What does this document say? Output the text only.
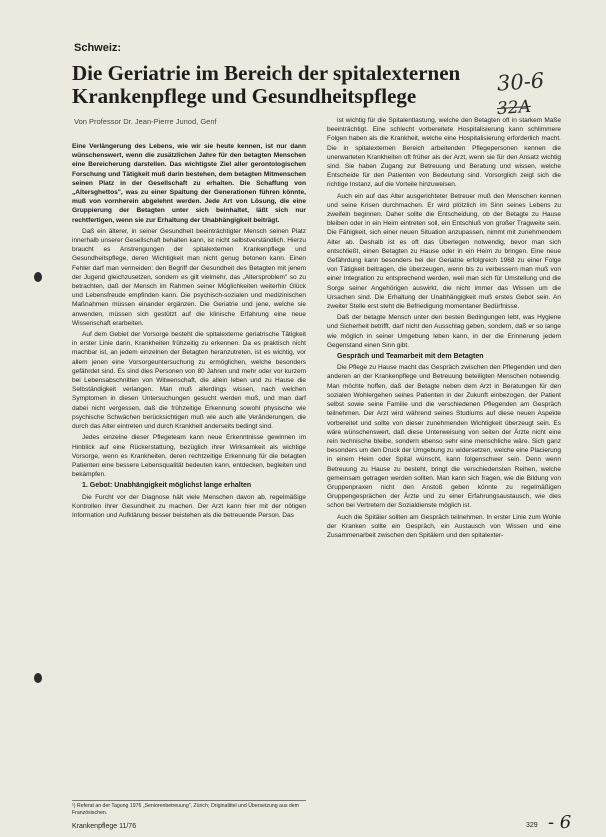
Schweiz:
Die Geriatrie im Bereich der spitalexternen
Krankenpflege und Gesundheitspflege
Von Professor Dr. Jean-Pierre Junod, Genf
30-6
32A

Eine Verlängerung des Lebens, wie wir sie heute kennen, ist nur dann wünschenswert, wenn die zusätzlichen Jahre für den betagten Menschen eine Bereicherung darstellen. Das wichtigste Ziel aller gerontologischen Forschung und Tätigkeit muß darin bestehen, dem betagten Mitmenschen seinen Platz in der Gesellschaft zu erhalten. Die Schaffung von „Altersghettos", was zu einer Spaltung der Generationen führen könnte, muß von vornherein abgelehnt werden. Jede Art von Lösung, die eine Gruppierung der Betagten unter sich beinhaltet, läßt sich nur rechtfertigen, wenn sie zur Erhaltung der Unabhängigkeit beiträgt.

Daß ein älterer, in seiner Gesundheit beeinträchtigter Mensch seinen Platz innerhalb unserer Gesellschaft behalten kann, ist nicht selbstverständlich. Hierzu braucht es Anstrengungen der spitalexternen Krankenpflege und Gesundheitspflege, deren Wichtigkeit man nicht genug betonen kann. Einen Fehler darf man vermeiden: den Begriff der Gesundheit des Betagten mit jenem der Jugend gleichzusetzen, sondern es gilt vielmehr, das „Altersproblem" so zu betrachten, daß der Mensch im Rahmen seiner Möglichkeiten weiterhin Glück und Lebensfreude empfinden kann. Die psychisch-sozialen und medizinischen Maßnahmen müssen einander ergänzen. Die Geriatrie und jene, welche sie anwenden, müssen sich gestützt auf die klinische Erfahrung eine neue Wissenschaft erarbeiten.

Auf dem Gebiet der Vorsorge besteht die spitalexterne geriatrische Tätigkeit in erster Linie darin, Krankheiten frühzeitig zu erkennen. Da es praktisch nicht machbar ist, an jedem einzelnen der Betagten heranzutreten, ist es wichtig, vor allem jenen eine Vorsorgeuntersuchung zu ermöglichen, welche besonders gefährdet sind. Es sind dies Personen von 80 Jahren und mehr oder vor kurzem bei Lebensabschnitten von Witwenschaft, die allein leben und zu Hause die Selbständigkeit verlangen. Man muß allerdings wissen, nach welchen Symptomen in diesen Untersuchungen gesucht werden muß, und man darf dabei nicht vergessen, daß die frühzeitige Erkennung sowohl physische wie psychische Schwächen berücksichtigen muß wie auch alle Veränderungen, die durch das Alter eintreten und durch Krankheit anderseits bedingt sind.

Jedes einzelne dieser Pflegeteam kann neue Erkenntnisse gewinnen im Hinblick auf eine Rückerstattung, bezüglich ihrer Wirksamkeit als wichtige Vorsorge, wenn es Krankheiten, deren rechtzeitige Erkennung für die betagten Patienten eine bessere Lebensqualität bedeuten kann, entdecken, begleiten und bekämpfen.

1. Gebot: Unabhängigkeit möglichst lange erhalten

Die Furcht vor der Diagnose hält viele Menschen davon ab, regelmäßige Kontrollen ihrer Gesundheit zu machen. Der Arzt kann hier mit der nötigen Information und Aufklärung besser beistehen als die betreuende Person. Das

¹) Referat an der Tagung 1976 „Seniorenbetreuung", Zürich; Originaltitel und Übersetzung aus dem Französischen.

ist wichtig für die Spitalentlastung, welche den Betagten oft in starkem Maße beeinträchtigt. Eine schlecht vorbereitete Hospitalisierung kann schlimmere Folgen haben als die Krankheit, welche eine Hospitalisierung erforderlich macht. Die in spitalexternen Bereich arbeitenden Pflegepersonen kennen die unerwarteten Krankheiten oft früher als der Arzt, wenn sie für den Ansatz wichtig sind. Sie haben Zugang zur Betreuung und Beratung und wissen, welche Entscheide für den Patienten von Bedeutung sind. Vorsorglich zeigt sich die richtige Instanz, auf die Vorteile hinzuweisen.

Auch ein auf das Alter ausgerichteter Betreuer muß den Menschen kennen und seine Krisen durchmachen. Er wird plötzlich im Sinn seines Lebens zu zweifeln beginnen. Daher sollte die Entscheidung, ob der Betagte zu Hause bleiben oder in ein Heim eintreten soll, ein Entschluß von großer Tragweite sein. Die Fähigkeit, sich einer neuen Situation anzupassen, nimmt mit zunehmendem Alter ab. Deshalb ist es oft das Überlegen notwendig, bevor man sich entschließt, einen Betagten zu Hause oder in ein Heim zu bringen. Eine neue Gefährdung kann besonders bei der Geriatrie erfolgreich 1968 zu einer Folge von Tätigkeit beitragen, die überzeugen, wenn bis zu verbessern man muß von einer Integration zu entsprechend werden, weil man sich für Umstellung und die Sorge seiner Angehörigen auswirkt, die nicht immer das Wissen um die Ursachen sind. Die Erhaltung der Unabhängigkeit muß erstes Gebot sein. An zweiter Stelle erst steht die Befriedigung momentaner Bedürfnisse.

Daß der betagte Mensch unter den besten Bedingungen lebt, was Hygiene und Sicherheit betrifft, darf nicht den Ausschlag geben, sondern, daß er so lange wie möglich in seiner Umgebung leben kann, in der die Erinnerung jedem Gegenstand einen Sinn gibt.

Gespräch und Teamarbeit mit dem Betagten

Die Pflege zu Hause macht das Gespräch zwischen den Pflegenden und den anderen an der Krankenpflege und Betreuung beteiligten Menschen notwendig. Man möchte hoffen, daß der Betagte neben dem Arzt in Beratungen für den sozialen Wohlergehen seines Patienten in der Zukunft einbezogen, der Patient selbst sowie seine Familie und die verschiedenen Pflegenden am Gespräch teilnehmen. Der Arzt wird während seines Studiums auf diese neuen Aspekte vorbereitet und sollte von dieser zunehmenden Wichtigkeit überzeugt sein. Es wäre wünschenswert, daß diese Unterweisung von seiten der Ärzte nicht eine rein technische bleibe, sondern ebenso sehr eine menschliche wäre. Sich ganz besonders um den Druck der Umgebung zu widersetzen, welche eine Placierung in einem Heim oder Spital wünscht, kann folgenschwer sein. Denn wenn Betreuung zu Hause zu besteht, bringt die verschiedensten Reihen, welche gemeinsam getragen werden sollten. Man kann sich fragen, wie die Bildung von Gruppenpraxen nicht den Anstoß geben könnte zu regelmäßigen Gruppengesprächen der Ärzte und zu einer Erfahrungsaustausch, wie dies schon bei Vertretern der Sozialdienste möglich ist.

Auch die Spitäler sollten am Gespräch teilnehmen. In erster Linie zum Wohle der Kranken sollte ein Gespräch, ein Austausch von Wissen und eine Zusammenarbeit zwischen den Spitälern und den spitalexter-

Krankenpflege 11/76	329 - 6
